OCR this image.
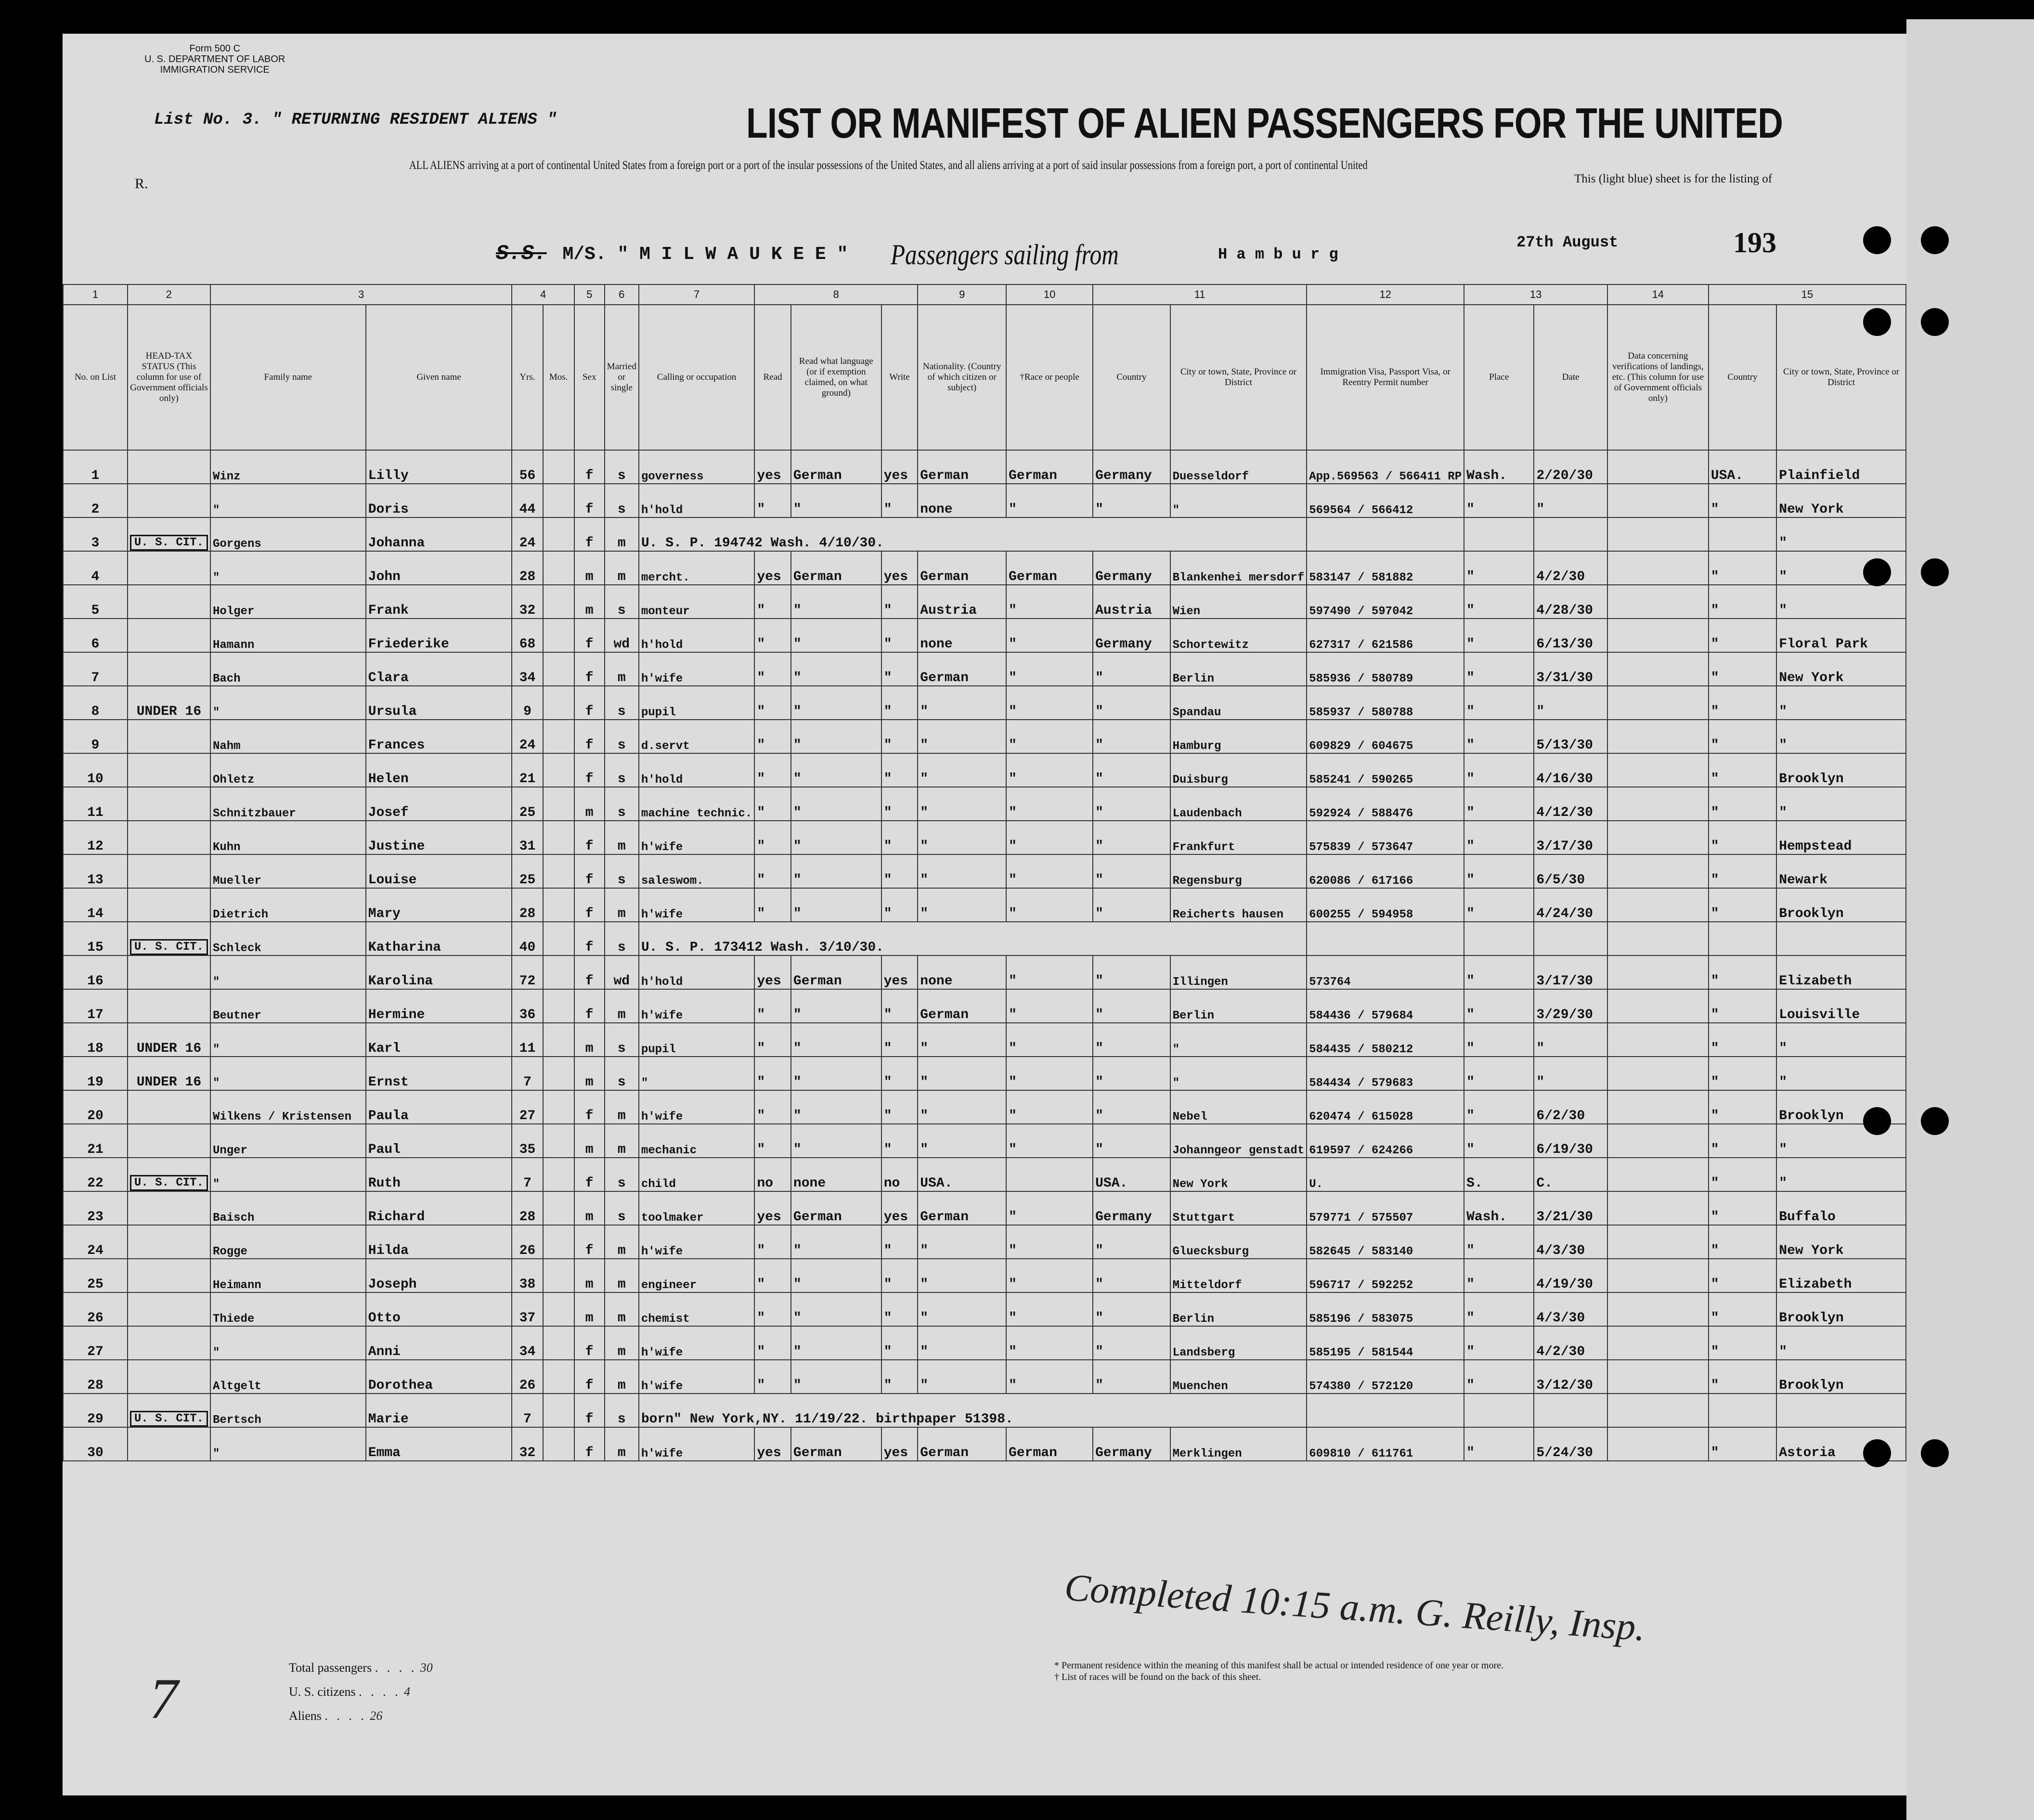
Form 500 C
U. S. DEPARTMENT OF LABOR
IMMIGRATION SERVICE
List No. 3. " RETURNING RESIDENT ALIENS "	LIST OR MANIFEST OF ALIEN PASSENGERS FOR THE UNITED
ALL ALIENS arriving at a port of continental United States from a foreign port or a port of the insular possessions of the United States, and all aliens arriving at a port of said insular possessions from a foreign port, a port of continental United
This (light blue) sheet is for the listing of
R.
S.S. M/S. " M I L W A U K E E " Passengers sailing from	H a m b u r g
27th August	193
1	2	3		4		5	6	7	8			9	10	11		12	13		14	15	
No. on List	HEAD-TAX STATUS (This column for use of Government officials only)	Family name	Given name	Yrs.	Mos.	Sex	Married or single	Calling or occupation	Read	Read what language (or if exemption claimed, on what ground)	Write	Nationality. (Country of which citizen or subject)	†Race or people	Country	City or town, State, Province or District	Immigration Visa, Passport Visa, or Reentry Permit number	Place	Date	Data concerning verifications of landings, etc. (This column for use of Government officials only)	Country	City or town, State, Province or District
1		Winz	Lilly	56		f	s	governess	yes	German	yes	German	German	Germany	Duesseldorf	App.569563 / 566411 RP	Wash.	2/20/30		USA.	Plainfield
2		"	Doris	44		f	s	h'hold	"	"	"	none	"	"	"	569564 / 566412	"	"		"	New York
3	U. S. CIT.	Gorgens	Johanna	24		f	m	U. S. P. 194742 Wash. 4/10/30.													"
4		"	John	28		m	m	mercht.	yes	German	yes	German	German	Germany	Blankenhei mersdorf	583147 / 581882	"	4/2/30		"	"
5		Holger	Frank	32		m	s	monteur	"	"	"	Austria	"	Austria	Wien	597490 / 597042	"	4/28/30		"	"
6		Hamann	Friederike	68		f	wd	h'hold	"	"	"	none	"	Germany	Schortewitz	627317 / 621586	"	6/13/30		"	Floral Park
7		Bach	Clara	34		f	m	h'wife	"	"	"	German	"	"	Berlin	585936 / 580789	"	3/31/30		"	New York
8	UNDER 16	"	Ursula	9		f	s	pupil	"	"	"	"	"	"	Spandau	585937 / 580788	"	"		"	"
9		Nahm	Frances	24		f	s	d.servt	"	"	"	"	"	"	Hamburg	609829 / 604675	"	5/13/30		"	"
10		Ohletz	Helen	21		f	s	h'hold	"	"	"	"	"	"	Duisburg	585241 / 590265	"	4/16/30		"	Brooklyn
11		Schnitzbauer	Josef	25		m	s	machine technic.	"	"	"	"	"	"	Laudenbach	592924 / 588476	"	4/12/30		"	"
12		Kuhn	Justine	31		f	m	h'wife	"	"	"	"	"	"	Frankfurt	575839 / 573647	"	3/17/30		"	Hempstead
13		Mueller	Louise	25		f	s	saleswom.	"	"	"	"	"	"	Regensburg	620086 / 617166	"	6/5/30		"	Newark
14		Dietrich	Mary	28		f	m	h'wife	"	"	"	"	"	"	Reicherts hausen	600255 / 594958	"	4/24/30		"	Brooklyn
15	U. S. CIT.	Schleck	Katharina	40		f	s	U. S. P. 173412 Wash. 3/10/30.													
16		"	Karolina	72		f	wd	h'hold	yes	German	yes	none	"	"	Illingen	573764	"	3/17/30		"	Elizabeth
17		Beutner	Hermine	36		f	m	h'wife	"	"	"	German	"	"	Berlin	584436 / 579684	"	3/29/30		"	Louisville
18	UNDER 16	"	Karl	11		m	s	pupil	"	"	"	"	"	"	"	584435 / 580212	"	"		"	"
19	UNDER 16	"	Ernst	7		m	s	"	"	"	"	"	"	"	"	584434 / 579683	"	"		"	"
20		Wilkens / Kristensen	Paula	27		f	m	h'wife	"	"	"	"	"	"	Nebel	620474 / 615028	"	6/2/30		"	Brooklyn
21		Unger	Paul	35		m	m	mechanic	"	"	"	"	"	"	Johanngeor genstadt	619597 / 624266	"	6/19/30		"	"
22	U. S. CIT.	"	Ruth	7		f	s	child	no	none	no	USA.		USA.	New York	U.	S.	C.		"	"
23		Baisch	Richard	28		m	s	toolmaker	yes	German	yes	German	"	Germany	Stuttgart	579771 / 575507	Wash.	3/21/30		"	Buffalo
24		Rogge	Hilda	26		f	m	h'wife	"	"	"	"	"	"	Gluecksburg	582645 / 583140	"	4/3/30		"	New York
25		Heimann	Joseph	38		m	m	engineer	"	"	"	"	"	"	Mitteldorf	596717 / 592252	"	4/19/30		"	Elizabeth
26		Thiede	Otto	37		m	m	chemist	"	"	"	"	"	"	Berlin	585196 / 583075	"	4/3/30		"	Brooklyn
27		"	Anni	34		f	m	h'wife	"	"	"	"	"	"	Landsberg	585195 / 581544	"	4/2/30		"	"
28		Altgelt	Dorothea	26		f	m	h'wife	"	"	"	"	"	"	Muenchen	574380 / 572120	"	3/12/30		"	Brooklyn
29	U. S. CIT.	Bertsch	Marie	7		f	s	born" New York,NY. 11/19/22. birthpaper 51398.													
30		"	Emma	32		f	m	h'wife	yes	German	yes	German	German	Germany	Merklingen	609810 / 611761	"	5/24/30		"	Astoria
Completed 10:15 a.m. G. Reilly, Insp.
Total passengers . . . . 30
U. S. citizens . . . . 4
Aliens . . . . 26
7
* Permanent residence within the meaning of this manifest shall be actual or intended residence of one year or more.
† List of races will be found on the back of this sheet.
